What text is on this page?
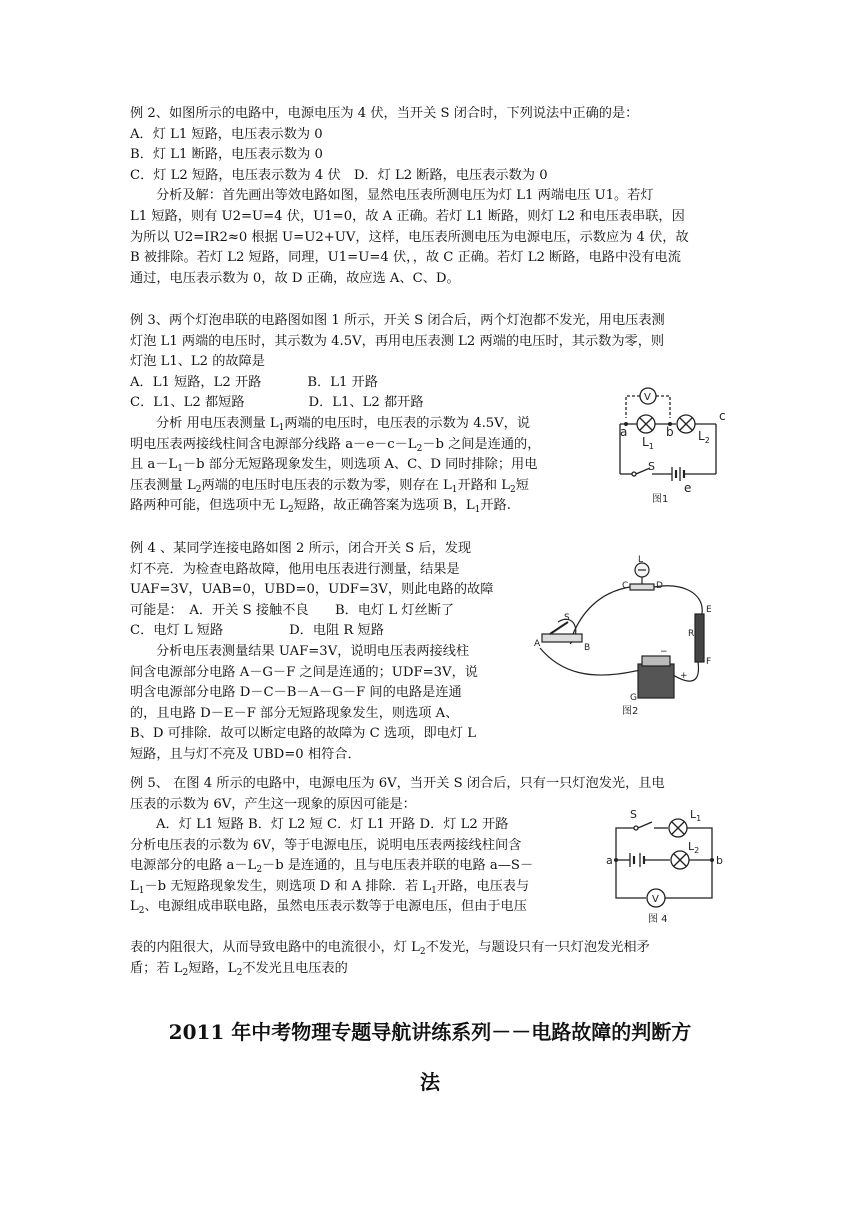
例 2、如图所示的电路中，电源电压为 4 伏，当开关 S 闭合时，下列说法中正确的是：
A．灯 L1 短路，电压表示数为 0
B．灯 L1 断路，电压表示数为 0
C．灯 L2 短路，电压表示数为 4 伏　D．灯 L2 断路，电压表示数为 0
分析及解：首先画出等效电路如图，显然电压表所测电压为灯 L1 两端电压 U1。若灯
L1 短路，则有 U2=U=4 伏，U1=0，故 A 正确。若灯 L1 断路，则灯 L2 和电压表串联，因
为所以 U2=IR2≈0 根据 U=U2+UV，这样，电压表所测电压为电源电压，示数应为 4 伏，故
B 被排除。若灯 L2 短路，同理，U1=U=4 伏，，故 C 正确。若灯 L2 断路，电路中没有电流
通过，电压表示数为 0，故 D 正确，故应选 A、C、D。
例 3、两个灯泡串联的电路图如图 1 所示，开关 S 闭合后，两个灯泡都不发光，用电压表测
灯泡 L1 两端的电压时，其示数为 4.5V，再用电压表测 L2 两端的电压时，其示数为零，则
灯泡 L1、L2 的故障是
A．L1 短路，L2 开路	B．L1 开路
C．L1、L2 都短路	D．L1、L2 都开路
分析 用电压表测量 $L_1$两端的电压时，电压表的示数为 4.5V，说
明电压表两接线柱间含电源部分线路 $a-e-c-L_2-b$ 之间是连通的，
且 $a-L_1-b$ 部分无短路现象发生，则选项 A、C、D 同时排除；用电
压表测量 $L_2$两端的电压时电压表的示数为零，则存在 $L_1$开路和 $L_2$短
路两种可能，但选项中无 $L_2$短路，故正确答案为选项 B，$L_1$开路.
V
a	b
c
$L_1$
$L_2$
S
e
图1
例 4 、某同学连接电路如图 2 所示，闭合开关 S 后，发现
灯不亮．为检查电路故障，他用电压表进行测量，结果是
UAF=3V，UAB=0，UBD=0，UDF=3V，则此电路的故障
可能是：　A．开关 S 接触不良　　B．电灯 L 灯丝断了
C．电灯 L 短路　　　　　D．电阻 R 短路
分析电压表测量结果 UAF=3V，说明电压表两接线柱
间含电源部分电路 A－G－F 之间是连通的；UDF=3V，说
明含电源部分电路 D－C－B－A－G－F 间的电路是连通
的，且电路 D－E－F 部分无短路现象发生，则选项 A、
B、D 可排除．故可以断定电路的故障为 C 选项，即电灯 L
短路，且与灯不亮及 UBD=0 相符合．
L
C	D
E
R
F
A
S
B
G
−
+
图2
例 5、 在图 4 所示的电路中，电源电压为 6V，当开关 S 闭合后，只有一只灯泡发光，且电
压表的示数为 6V，产生这一现象的原因可能是：
A．灯 L1 短路 B．灯 L2 短 C．灯 L1 开路 D．灯 L2 开路
分析电压表的示数为 6V，等于电源电压，说明电压表两接线柱间含
电源部分的电路 $a-L_2-b$ 是连通的，且与电压表并联的电路 a—S－
$L_1-b$ 无短路现象发生，则选项 D 和 A 排除．若 $L_1$开路，电压表与
$L_2$、电源组成串联电路，虽然电压表示数等于电源电压，但由于电压
表的内阻很大，从而导致电路中的电流很小，灯 $L_2$不发光，与题设只有一只灯泡发光相矛
盾；若 $L_2$短路，$L_2$不发光且电压表的
S	$L_1$
$L_2$
a	b
V
图 4
2011 年中考物理专题导航讲练系列－－电路故障的判断方
法
